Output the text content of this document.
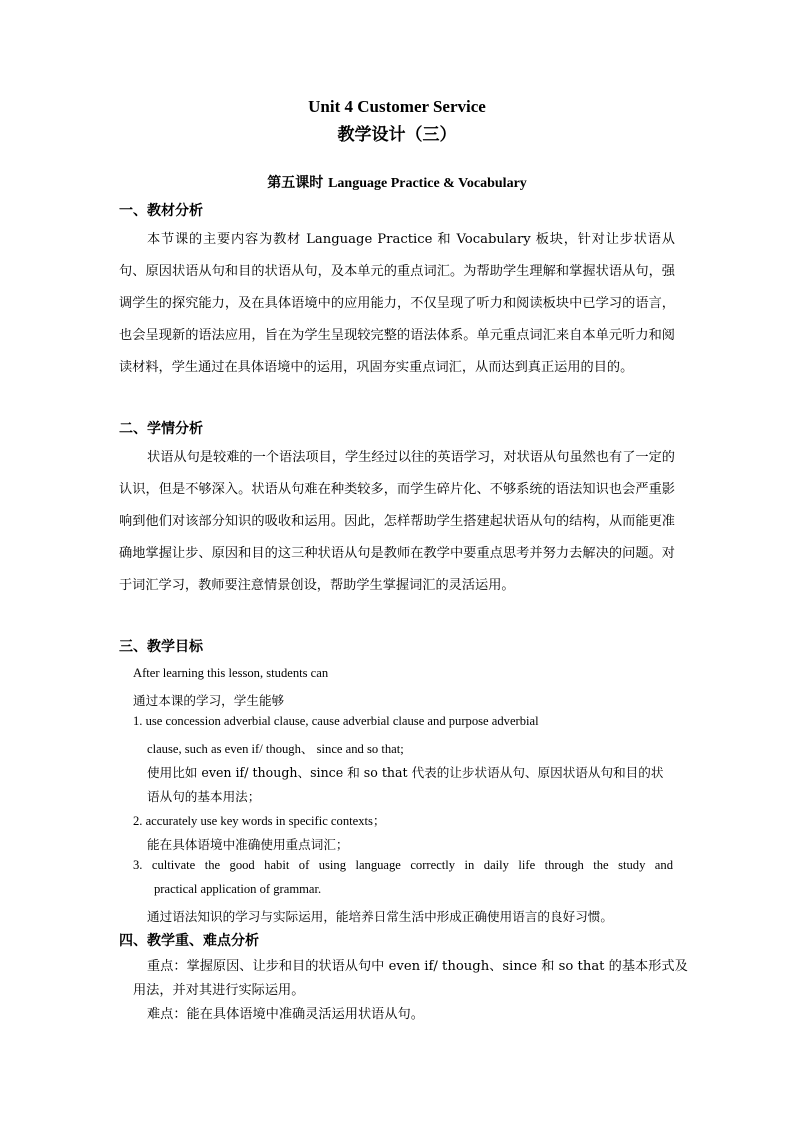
Unit 4 Customer Service
教学设计（三）
第五课时 Language Practice & Vocabulary
一、教材分析

本节课的主要内容为教材 Language Practice 和 Vocabulary 板块，针对让步状语从句、原因状语从句和目的状语从句，及本单元的重点词汇。为帮助学生理解和掌握状语从句，强调学生的探究能力，及在具体语境中的应用能力，不仅呈现了听力和阅读板块中已学习的语言，也会呈现新的语法应用，旨在为学生呈现较完整的语法体系。单元重点词汇来自本单元听力和阅读材料，学生通过在具体语境中的运用，巩固夯实重点词汇，从而达到真正运用的目的。

二、学情分析

状语从句是较难的一个语法项目，学生经过以往的英语学习，对状语从句虽然也有了一定的认识，但是不够深入。状语从句难在种类较多，而学生碎片化、不够系统的语法知识也会严重影响到他们对该部分知识的吸收和运用。因此，怎样帮助学生搭建起状语从句的结构，从而能更准确地掌握让步、原因和目的这三种状语从句是教师在教学中要重点思考并努力去解决的问题。对于词汇学习，教师要注意情景创设，帮助学生掌握词汇的灵活运用。

三、教学目标
After learning this lesson, students can
通过本课的学习，学生能够
1. use concession adverbial clause, cause adverbial clause and purpose adverbial
clause, such as even if/ though、 since and so that;
使用比如 even if/ though、since 和 so that 代表的让步状语从句、原因状语从句和目的状
语从句的基本用法；
2. accurately use key words in specific contexts；
能在具体语境中准确使用重点词汇；
3. cultivate the good habit of using language correctly in daily life through the study and
practical application of grammar.
通过语法知识的学习与实际运用，能培养日常生活中形成正确使用语言的良好习惯。
四、教学重、难点分析
重点：掌握原因、让步和目的状语从句中 even if/ though、since 和 so that 的基本形式及
用法，并对其进行实际运用。
难点：能在具体语境中准确灵活运用状语从句。
